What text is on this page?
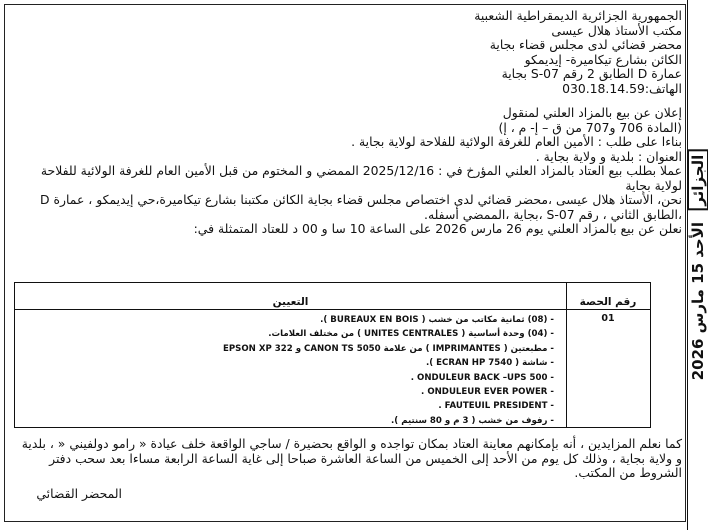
الجمهورية الجزائرية الديمقراطية الشعبية
مكتب الأستاذ هلال عيسى
محضر قضائي لدى مجلس قضاء بجاية
الكائن بشارع تيكاميرة- إيديمكو
عمارة D الطابق 2 رقم S-07 بجاية
الهاتف:030.18.14.59
إعلان عن بيع بالمزاد العلني لمنقول
(المادة 706 و707 من ق – إ- م ، إ)
بناءا على طلب : الأمين العام للغرفة الولائية للفلاحة لولاية بجاية .
العنوان : بلدية و ولاية بجاية .
عملا بطلب بيع العتاد بالمزاد العلني المؤرخ في : 2025/12/16 الممضي و المختوم من قبل الأمين العام للغرفة الولائية للفلاحة لولاية بجاية
نحن، الأستاذ هلال عيسى ،محضر قضائي لدى اختصاص مجلس قضاء بجاية الكائن مكتبنا بشارع تيكاميرة،حي إيديمكو ، عمارة D ،الطابق الثاني ، رقم S-07 ،بجاية ،الممضي أسفله.
نعلن عن بيع بالمزاد العلني يوم 26 مارس 2026 على الساعة 10 سا و 00 د للعتاد المتمثلة في:
رقم الحصة
التعيين
01
- (08) ثمانية مكاتب من خشب ( BUREAUX EN BOIS ).
- (04) وحدة أساسية ( UNITES CENTRALES ) من مختلف العلامات.
- مطبعتين ( IMPRIMANTES ) من علامة CANON TS 5050 و EPSON XP 322
- شاشة ( ECRAN HP 7540 ).
- ONDULEUR BACK –UPS 500 .
- ONDULEUR EVER POWER .
- FAUTEUIL PRESIDENT .
- رفوف من خشب ( 3 م و 80 سنتيم ).
كما نعلم المزايدين ، أنه بإمكانهم معاينة العتاد بمكان تواجده و الواقع بحضيرة / ساجي الواقعة خلف عيادة « رامو دولفيني « ، بلدية و ولاية بجاية ، وذلك كل يوم من الأحد إلى الخميس من الساعة العاشرة صباحا إلى غاية الساعة الرابعة مساءا بعد سحب دفتر الشروط من المكتب.
المحضر القضائي
الجزائر الأحد 15 مارس 2026
